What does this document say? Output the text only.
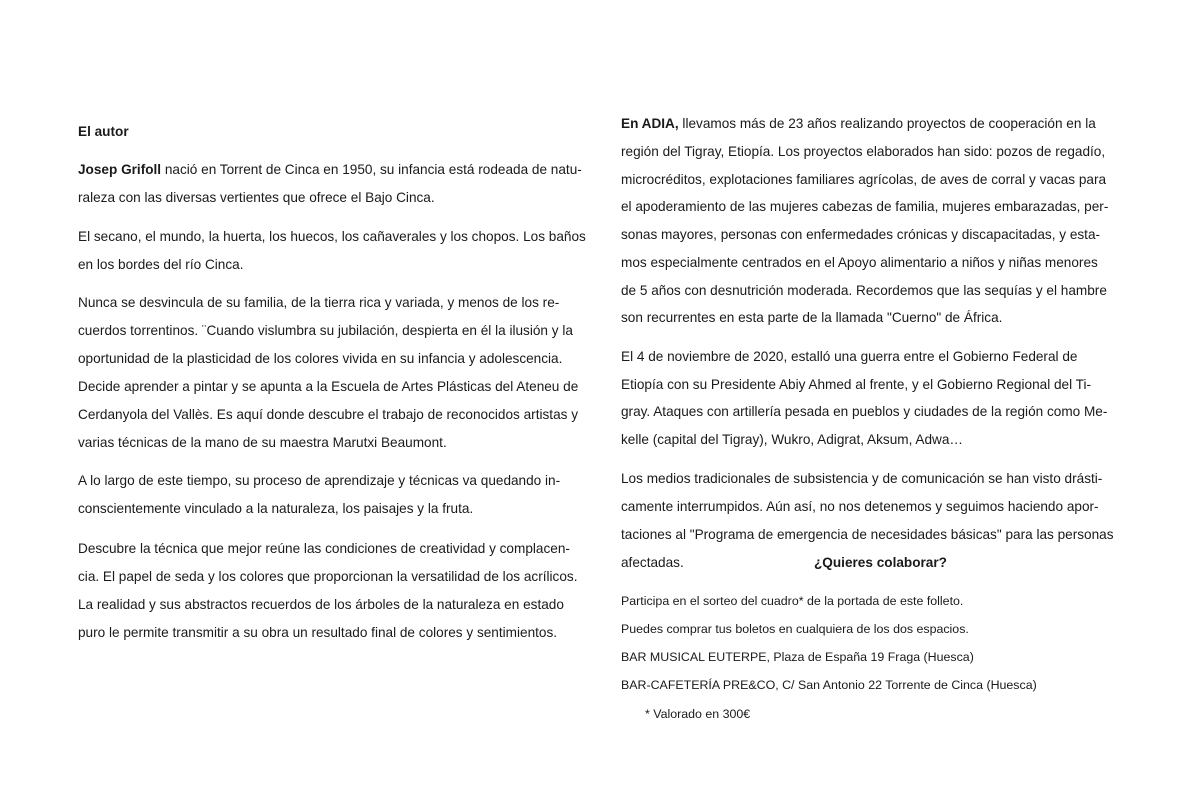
El autor
Josep Grifoll nació en Torrent de Cinca en 1950, su infancia está rodeada de natu-
raleza con las diversas vertientes que ofrece el Bajo Cinca.
El secano, el mundo, la huerta, los huecos, los cañaverales y los chopos. Los baños
en los bordes del río Cinca.
Nunca se desvincula de su familia, de la tierra rica y variada, y menos de los re-
cuerdos torrentinos. ¨Cuando vislumbra su jubilación, despierta en él la ilusión y la
oportunidad de la plasticidad de los colores vivida en su infancia y adolescencia.
Decide aprender a pintar y se apunta a la Escuela de Artes Plásticas del Ateneu de
Cerdanyola del Vallès. Es aquí donde descubre el trabajo de reconocidos artistas y
varias técnicas de la mano de su maestra Marutxi Beaumont.
A lo largo de este tiempo, su proceso de aprendizaje y técnicas va quedando in-
conscientemente vinculado a la naturaleza, los paisajes y la fruta.
Descubre la técnica que mejor reúne las condiciones de creatividad y complacen-
cia. El papel de seda y los colores que proporcionan la versatilidad de los acrílicos.
La realidad y sus abstractos recuerdos de los árboles de la naturaleza en estado
puro le permite transmitir a su obra un resultado final de colores y sentimientos.
En ADIA, llevamos más de 23 años realizando proyectos de cooperación en la
región del Tigray, Etiopía. Los proyectos elaborados han sido: pozos de regadío,
microcréditos, explotaciones familiares agrícolas, de aves de corral y vacas para
el apoderamiento de las mujeres cabezas de familia, mujeres embarazadas, per-
sonas mayores, personas con enfermedades crónicas y discapacitadas, y esta-
mos especialmente centrados en el Apoyo alimentario a niños y niñas menores
de 5 años con desnutrición moderada. Recordemos que las sequías y el hambre
son recurrentes en esta parte de la llamada "Cuerno" de África.
El 4 de noviembre de 2020, estalló una guerra entre el Gobierno Federal de
Etiopía con su Presidente Abiy Ahmed al frente, y el Gobierno Regional del Ti-
gray. Ataques con artillería pesada en pueblos y ciudades de la región como Me-
kelle (capital del Tigray), Wukro, Adigrat, Aksum, Adwa…
Los medios tradicionales de subsistencia y de comunicación se han visto drásti-
camente interrumpidos. Aún así, no nos detenemos y seguimos haciendo apor-
taciones al "Programa de emergencia de necesidades básicas" para las personas
afectadas.	¿Quieres colaborar?
Participa en el sorteo del cuadro* de la portada de este folleto.
Puedes comprar tus boletos en cualquiera de los dos espacios.
BAR MUSICAL EUTERPE, Plaza de España 19 Fraga (Huesca)
BAR-CAFETERÍA PRE&CO, C/ San Antonio 22 Torrente de Cinca (Huesca)
* Valorado en 300€
